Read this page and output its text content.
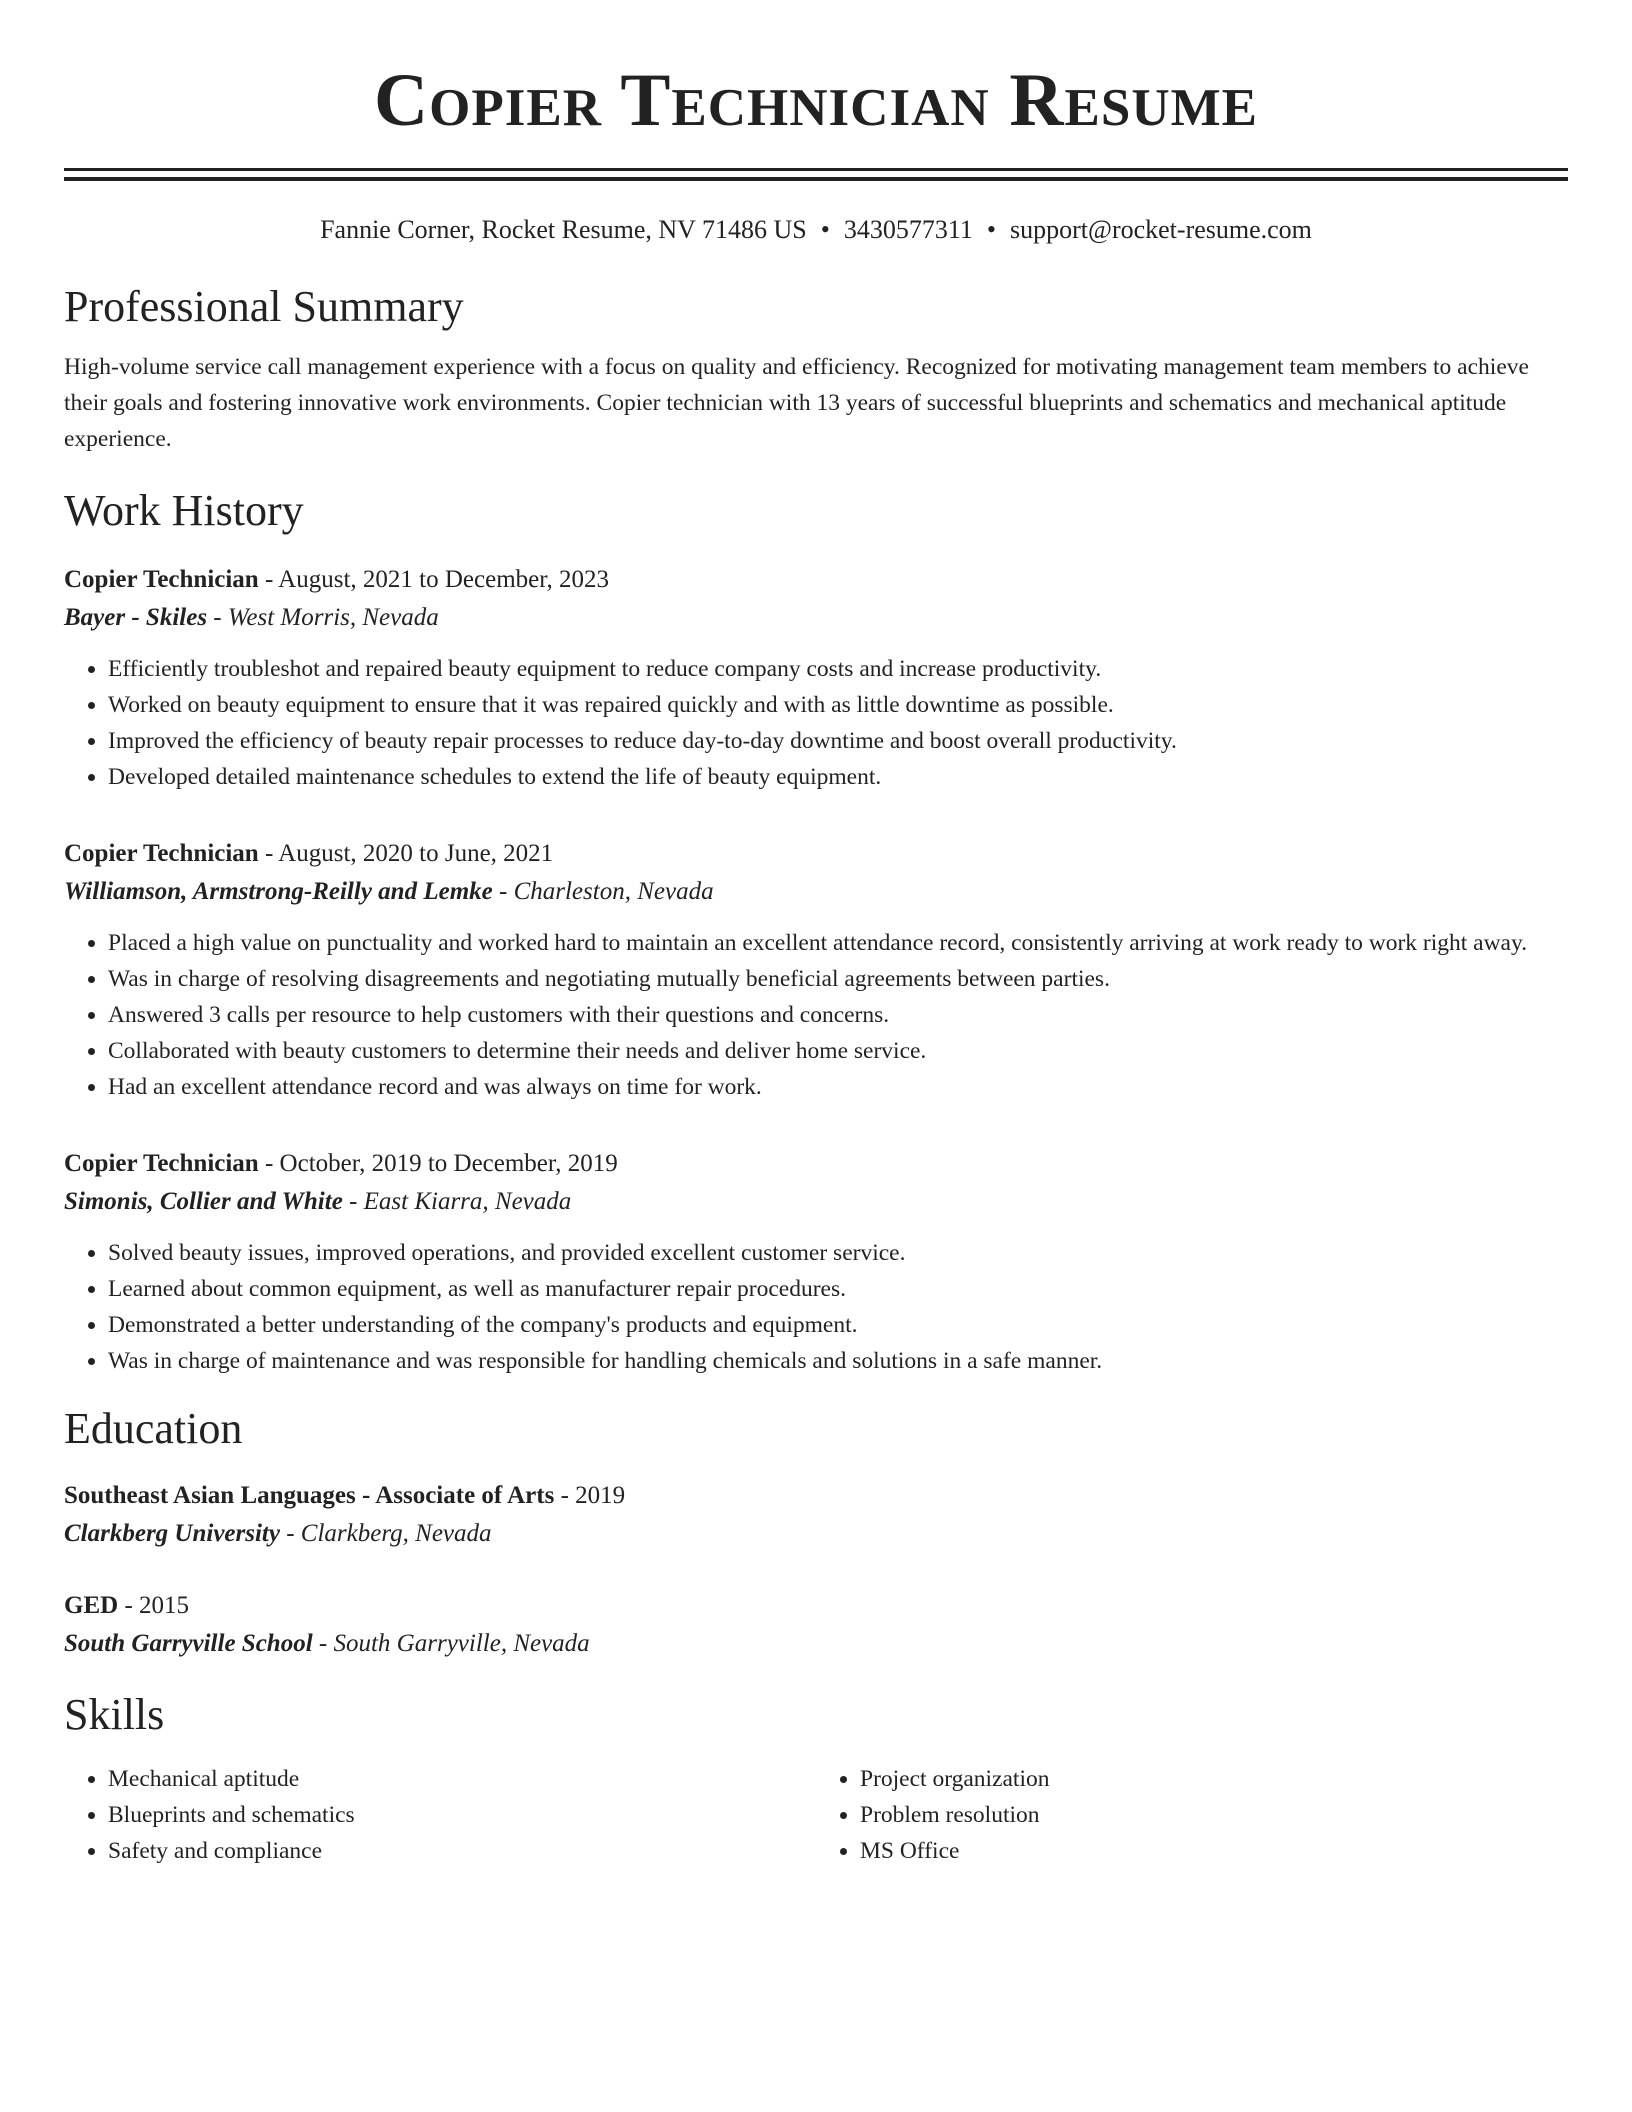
Copier Technician Resume
Fannie Corner, Rocket Resume, NV 71486 US • 3430577311 • support@rocket-resume.com
Professional Summary

High-volume service call management experience with a focus on quality and efficiency. Recognized for motivating management team members to achieve their goals and fostering innovative work environments. Copier technician with 13 years of successful blueprints and schematics and mechanical aptitude experience.

Work History
Copier Technician - August, 2021 to December, 2023
Bayer - Skiles - West Morris, Nevada
• Efficiently troubleshot and repaired beauty equipment to reduce company costs and increase productivity.
• Worked on beauty equipment to ensure that it was repaired quickly and with as little downtime as possible.
• Improved the efficiency of beauty repair processes to reduce day-to-day downtime and boost overall productivity.
• Developed detailed maintenance schedules to extend the life of beauty equipment.
Copier Technician - August, 2020 to June, 2021
Williamson, Armstrong-Reilly and Lemke - Charleston, Nevada
• Placed a high value on punctuality and worked hard to maintain an excellent attendance record, consistently arriving at work ready to work right away.
• Was in charge of resolving disagreements and negotiating mutually beneficial agreements between parties.
• Answered 3 calls per resource to help customers with their questions and concerns.
• Collaborated with beauty customers to determine their needs and deliver home service.
• Had an excellent attendance record and was always on time for work.
Copier Technician - October, 2019 to December, 2019
Simonis, Collier and White - East Kiarra, Nevada
• Solved beauty issues, improved operations, and provided excellent customer service.
• Learned about common equipment, as well as manufacturer repair procedures.
• Demonstrated a better understanding of the company's products and equipment.
• Was in charge of maintenance and was responsible for handling chemicals and solutions in a safe manner.
Education
Southeast Asian Languages - Associate of Arts - 2019
Clarkberg University - Clarkberg, Nevada
GED - 2015
South Garryville School - South Garryville, Nevada
Skills
• Mechanical aptitude
• Blueprints and schematics
• Safety and compliance
• Project organization
• Problem resolution
• MS Office
